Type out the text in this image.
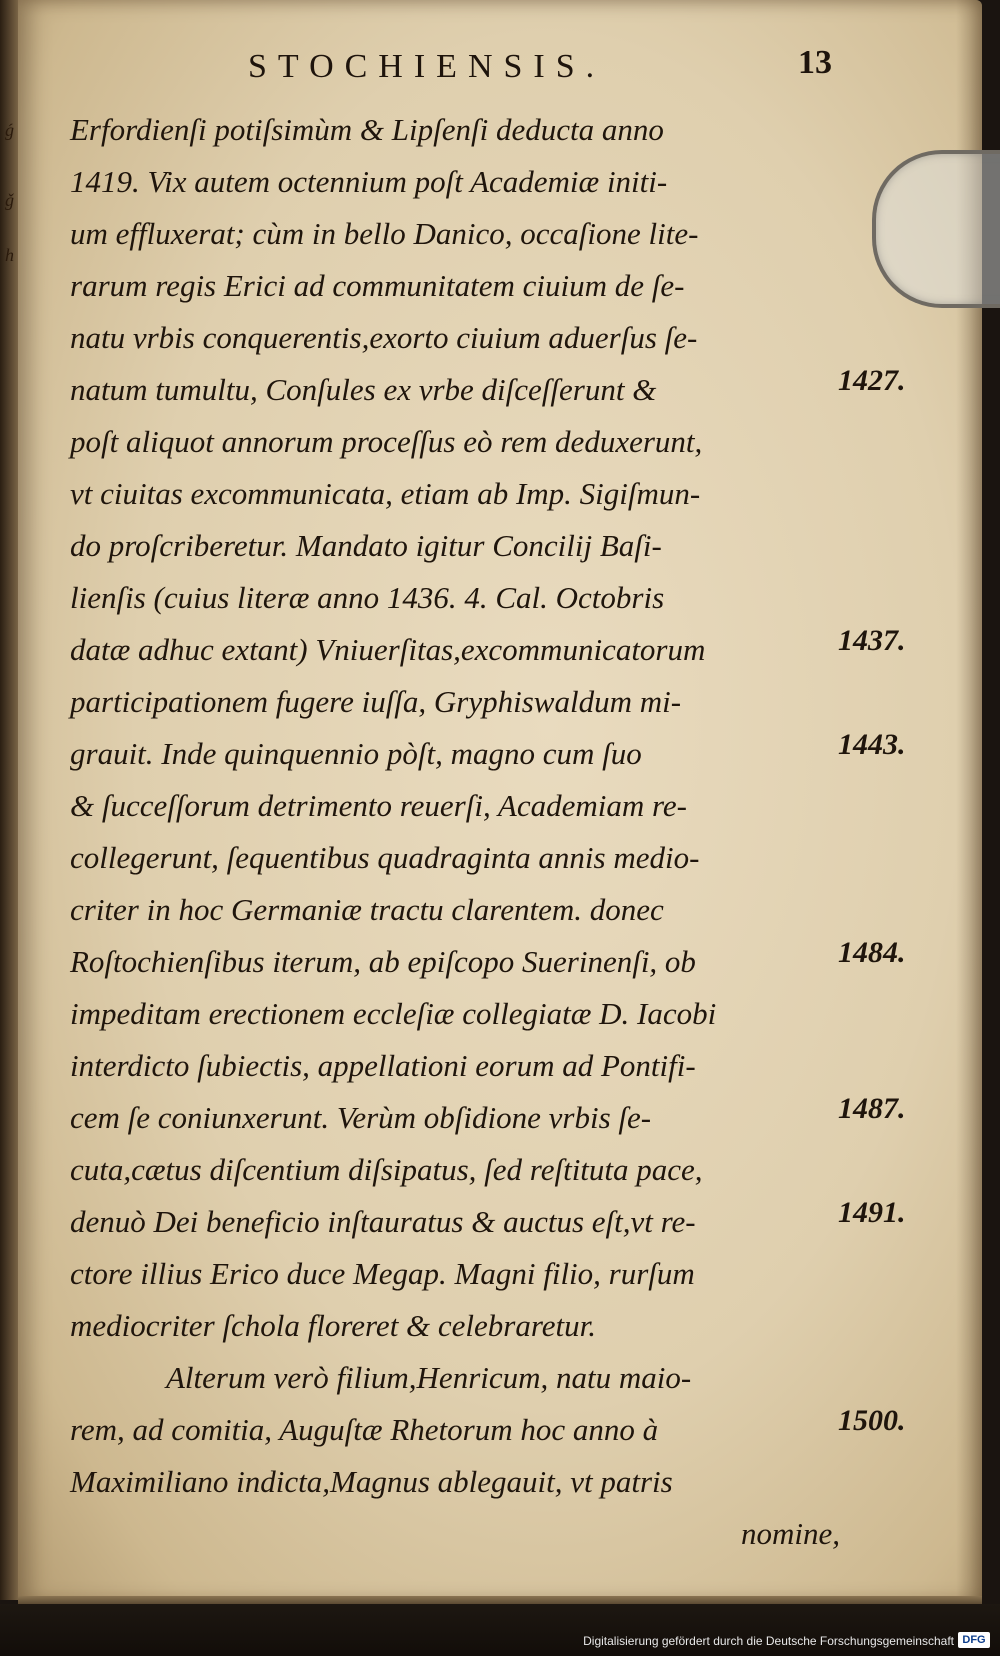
ǵ
ǧ
h
STOCHIENSIS.	13
Erfordienſi potiſsimùm & Lipſenſi deducta anno
1419. Vix autem octennium poſt Academiæ initi-
um effluxerat; cùm in bello Danico, occaſione lite-
rarum regis Erici ad communitatem ciuium de ſe-
natu vrbis conquerentis,exorto ciuium aduerſus ſe-
natum tumultu, Conſules ex vrbe diſceſſerunt &
poſt aliquot annorum proceſſus eò rem deduxerunt,
vt ciuitas excommunicata, etiam ab Imp. Sigiſmun-
do proſcriberetur. Mandato igitur Concilij Baſi-
lienſis (cuius literæ anno 1436. 4. Cal. Octobris
datæ adhuc extant) Vniuerſitas,excommunicatorum
participationem fugere iuſſa, Gryphiswaldum mi-
grauit. Inde quinquennio pòſt, magno cum ſuo
& ſucceſſorum detrimento reuerſi, Academiam re-
collegerunt, ſequentibus quadraginta annis medio-
criter in hoc Germaniæ tractu clarentem. donec
Roſtochienſibus iterum, ab epiſcopo Suerinenſi, ob
impeditam erectionem eccleſiæ collegiatæ D. Iacobi
interdicto ſubiectis, appellationi eorum ad Pontifi-
cem ſe coniunxerunt. Verùm obſidione vrbis ſe-
cuta,cætus diſcentium diſsipatus, ſed reſtituta pace,
denuò Dei beneficio inſtauratus & auctus eſt,vt re-
ctore illius Erico duce Megap. Magni filio, rurſum
mediocriter ſchola floreret & celebraretur.
Alterum verò filium,Henricum, natu maio-
rem, ad comitia, Auguſtæ Rhetorum hoc anno à
Maximiliano indicta,Magnus ablegauit, vt patris
nomine,
1427.
1437.
1443.
1484.
1487.
1491.
1500.
Digitalisierung gefördert durch die Deutsche Forschungsgemeinschaft DFG
